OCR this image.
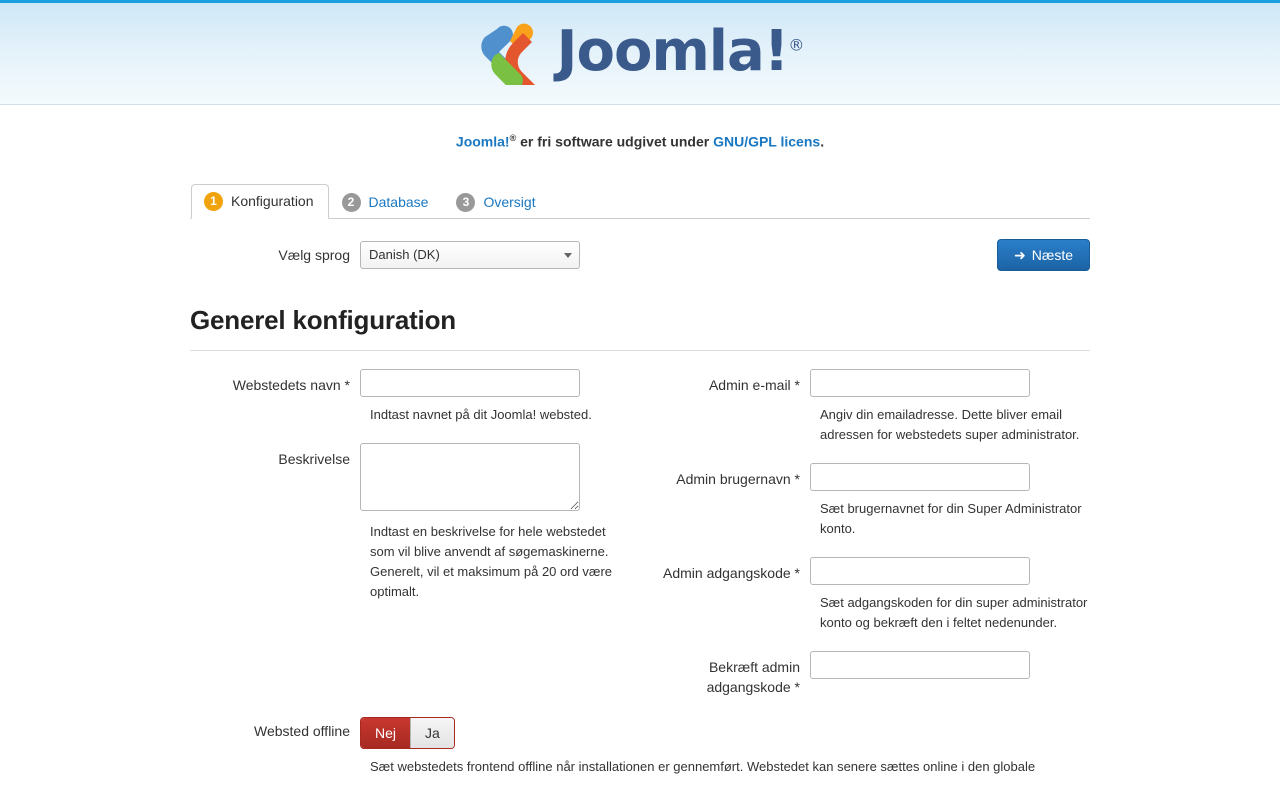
Joomla!®
Joomla!® er fri software udgivet under GNU/GPL licens.
1	Konfiguration	2	Database	3	Oversigt
Vælg sprog	Danish (DK)	➜ Næste
Generel konfiguration
Webstedets navn *
Indtast navnet på dit Joomla! websted.
Beskrivelse
Indtast en beskrivelse for hele webstedet som vil blive anvendt af søgemaskinerne. Generelt, vil et maksimum på 20 ord være optimalt.
Admin e-mail *
Angiv din emailadresse. Dette bliver email adressen for webstedets super administrator.
Admin brugernavn *
Sæt brugernavnet for din Super Administrator konto.
Admin adgangskode *
Sæt adgangskoden for din super administrator konto og bekræft den i feltet nedenunder.
Bekræft admin adgangskode *
Websted offline	Nej	Ja
Sæt webstedets frontend offline når installationen er gennemført. Webstedet kan senere sættes online i den globale
